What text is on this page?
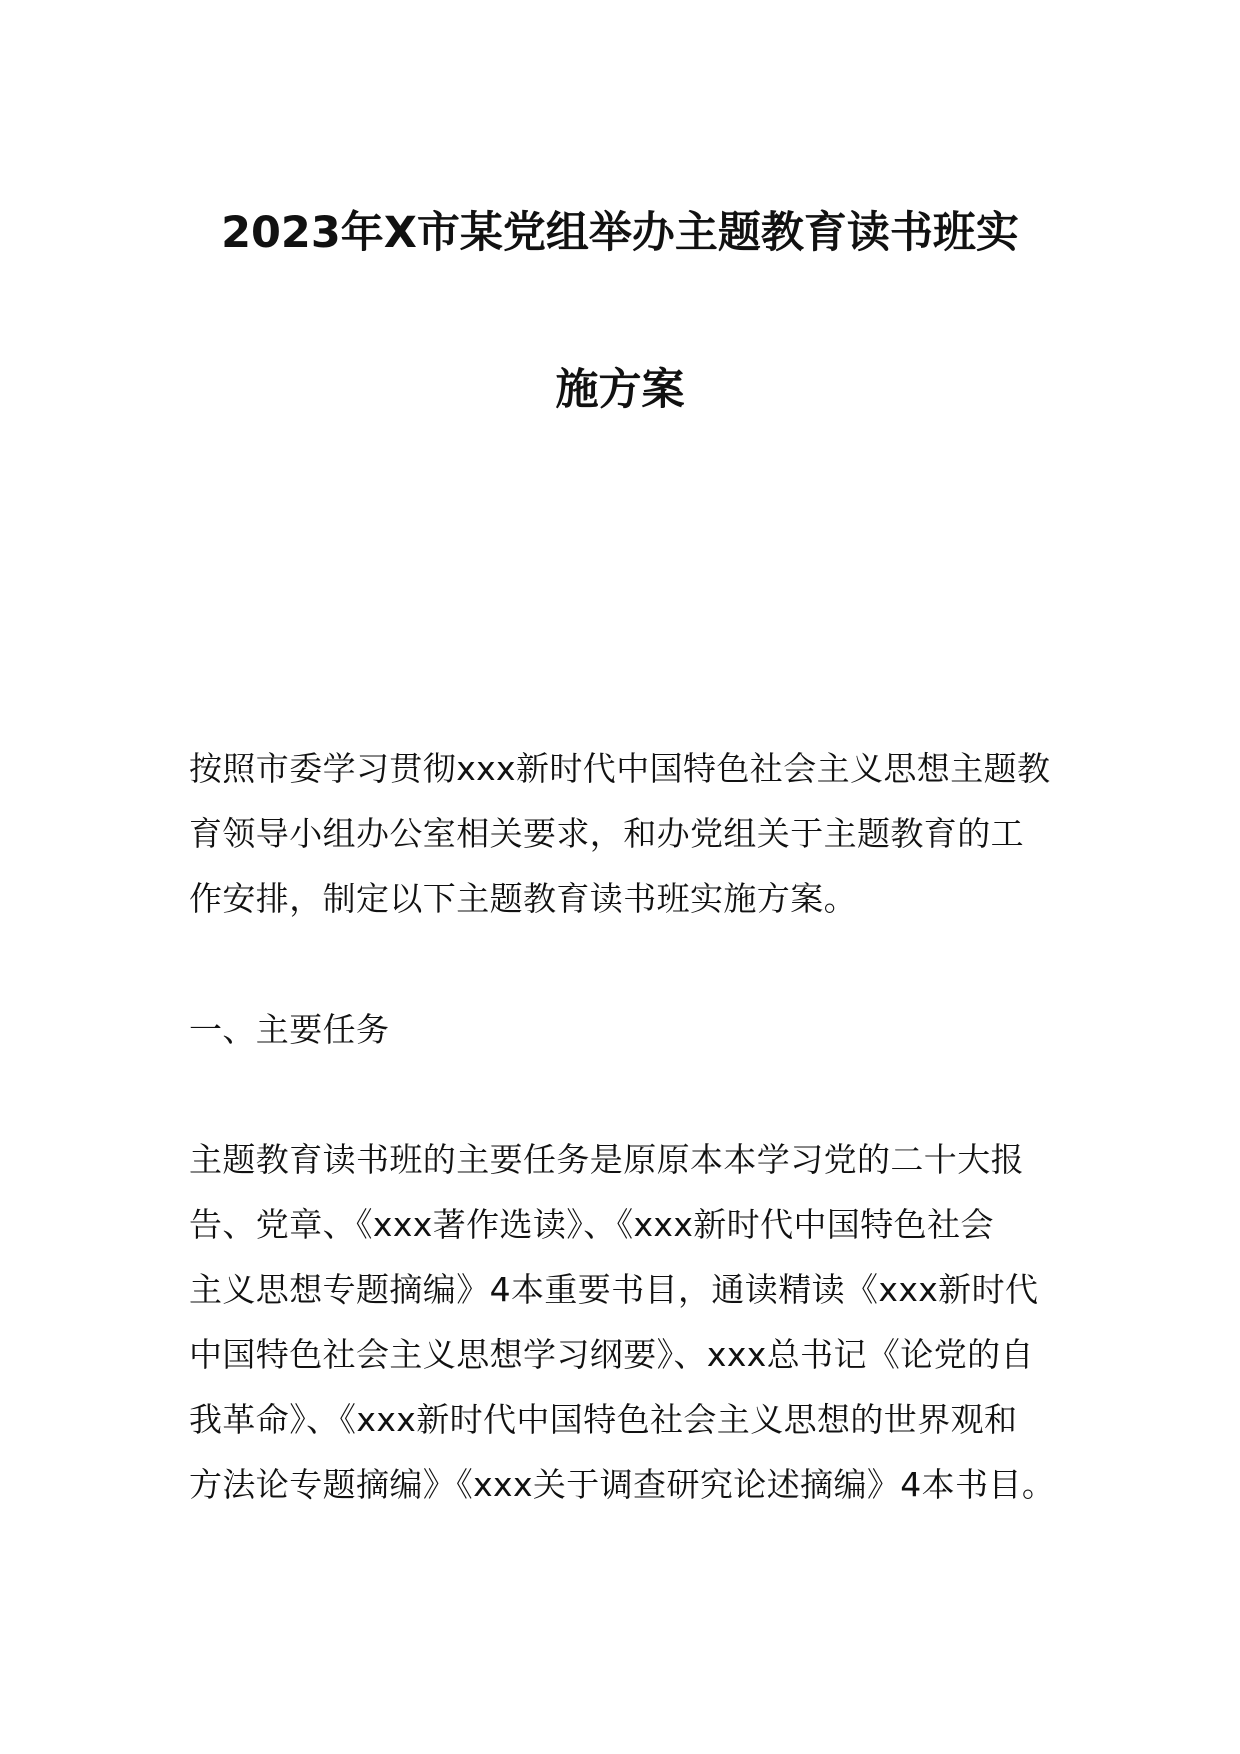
2023年X市某党组举办主题教育读书班实
施方案
按照市委学习贯彻xxx新时代中国特色社会主义思想主题教
育领导小组办公室相关要求，和办党组关于主题教育的工
作安排，制定以下主题教育读书班实施方案。
一、主要任务
主题教育读书班的主要任务是原原本本学习党的二十大报
告、党章、《xxx著作选读》、《xxx新时代中国特色社会
主义思想专题摘编》4本重要书目，通读精读《xxx新时代
中国特色社会主义思想学习纲要》、xxx总书记《论党的自
我革命》、《xxx新时代中国特色社会主义思想的世界观和
方法论专题摘编》《xxx关于调查研究论述摘编》4本书目。
